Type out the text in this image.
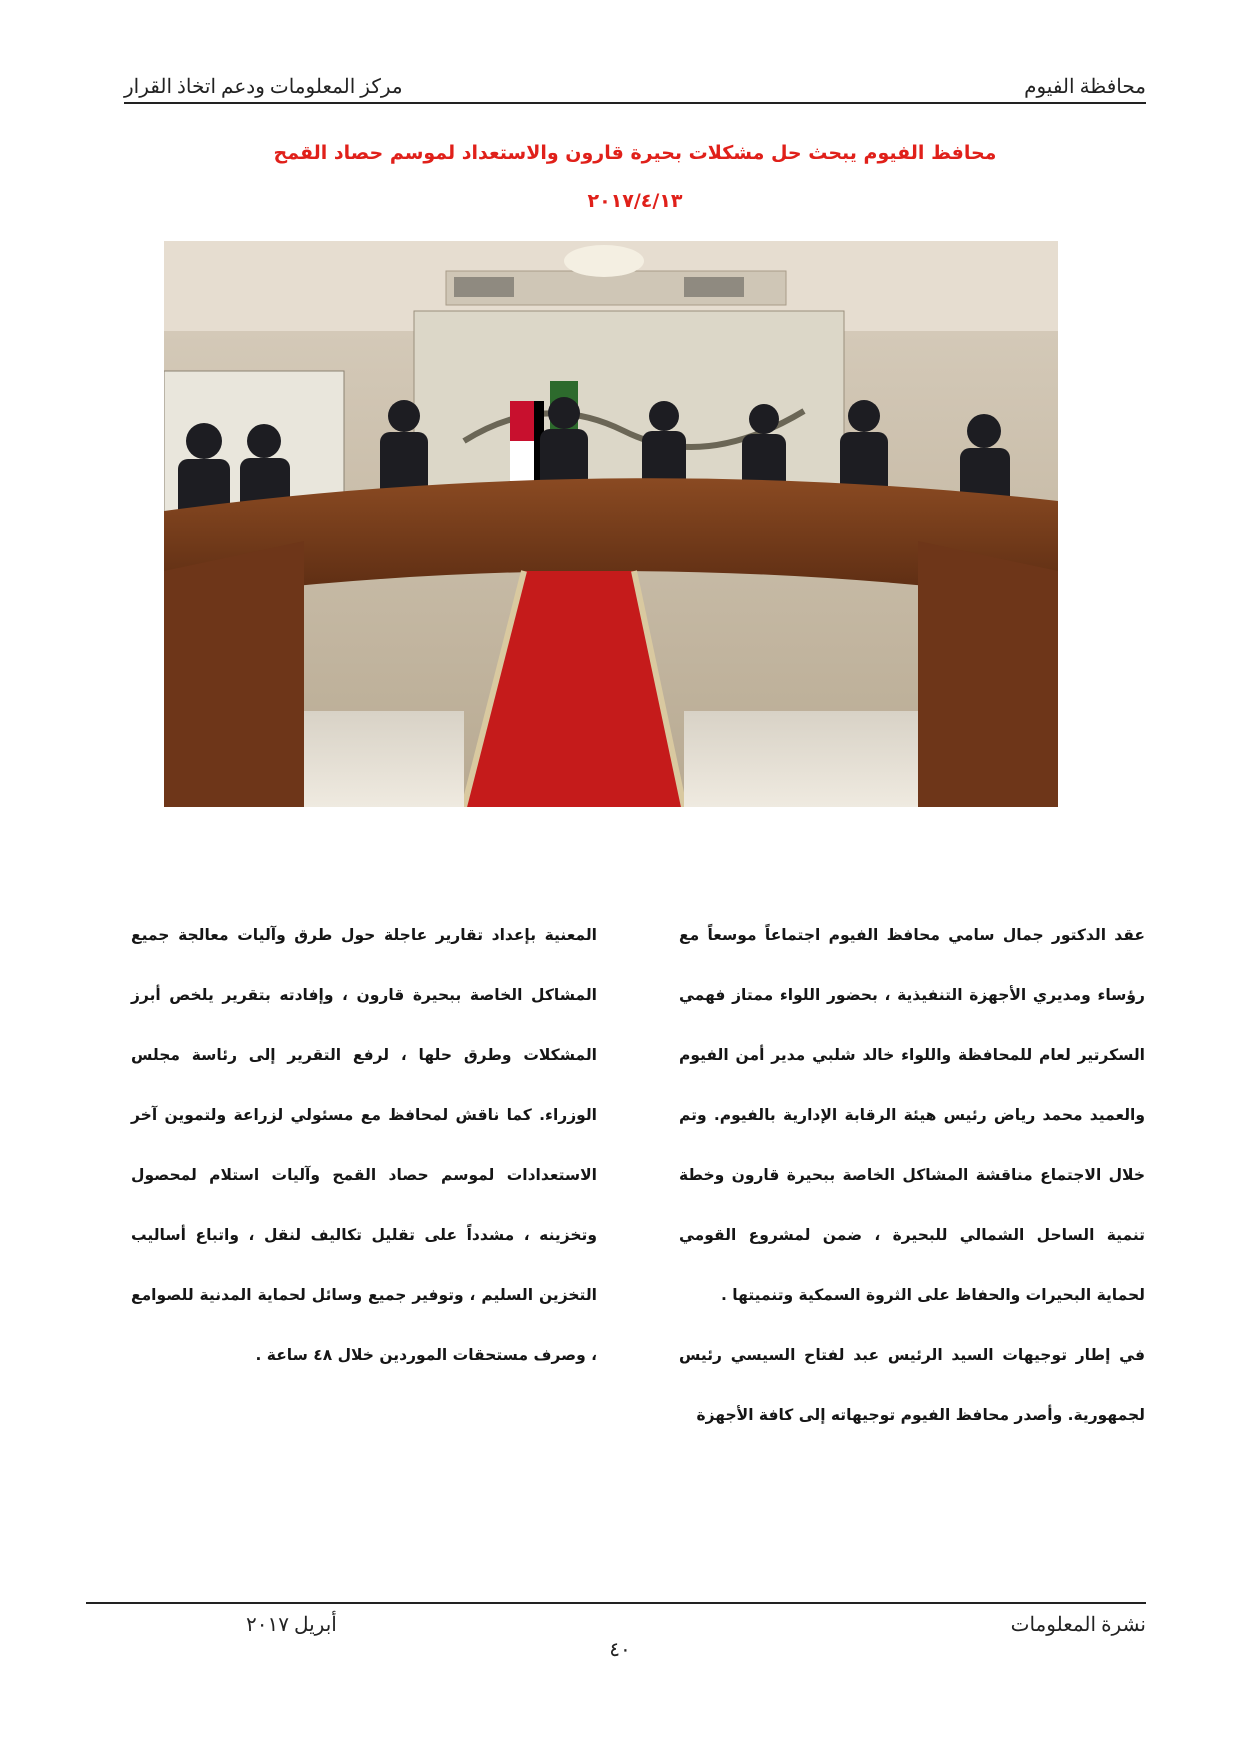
محافظة الفيوم
مركز المعلومات ودعم اتخاذ القرار
محافظ الفيوم يبحث حل مشكلات بحيرة قارون والاستعداد لموسم حصاد القمح
٢٠١٧/٤/١٣

عقد الدكتور جمال سامي محافظ الفيوم اجتماعاً موسعاً مع رؤساء ومديري الأجهزة التنفيذية ، بحضور اللواء ممتاز فهمي السكرتير لعام للمحافظة واللواء خالد شلبي مدير أمن الفيوم والعميد محمد رياض رئيس هيئة الرقابة الإدارية بالفيوم. وتم خلال الاجتماع مناقشة المشاكل الخاصة ببحيرة قارون وخطة تنمية الساحل الشمالي للبحيرة ، ضمن لمشروع القومي لحماية البحيرات والحفاظ على الثروة السمكية وتنميتها .

في إطار توجيهات السيد الرئيس عبد لفتاح السيسي رئيس لجمهورية. وأصدر محافظ الفيوم توجيهاته إلى كافة الأجهزة

المعنية بإعداد تقارير عاجلة حول طرق وآليات معالجة جميع المشاكل الخاصة ببحيرة قارون ، وإفادته بتقرير يلخص أبرز المشكلات وطرق حلها ، لرفع التقرير إلى رئاسة مجلس الوزراء. كما ناقش لمحافظ مع مسئولي لزراعة ولتموين آخر الاستعدادات لموسم حصاد القمح وآليات استلام لمحصول وتخزينه ، مشدداً على تقليل تكاليف لنقل ، واتباع أساليب التخزين السليم ، وتوفير جميع وسائل لحماية المدنية للصوامع ، وصرف مستحقات الموردين خلال ٤٨ ساعة .

نشرة المعلومات
أبريل ٢٠١٧
٤٠
